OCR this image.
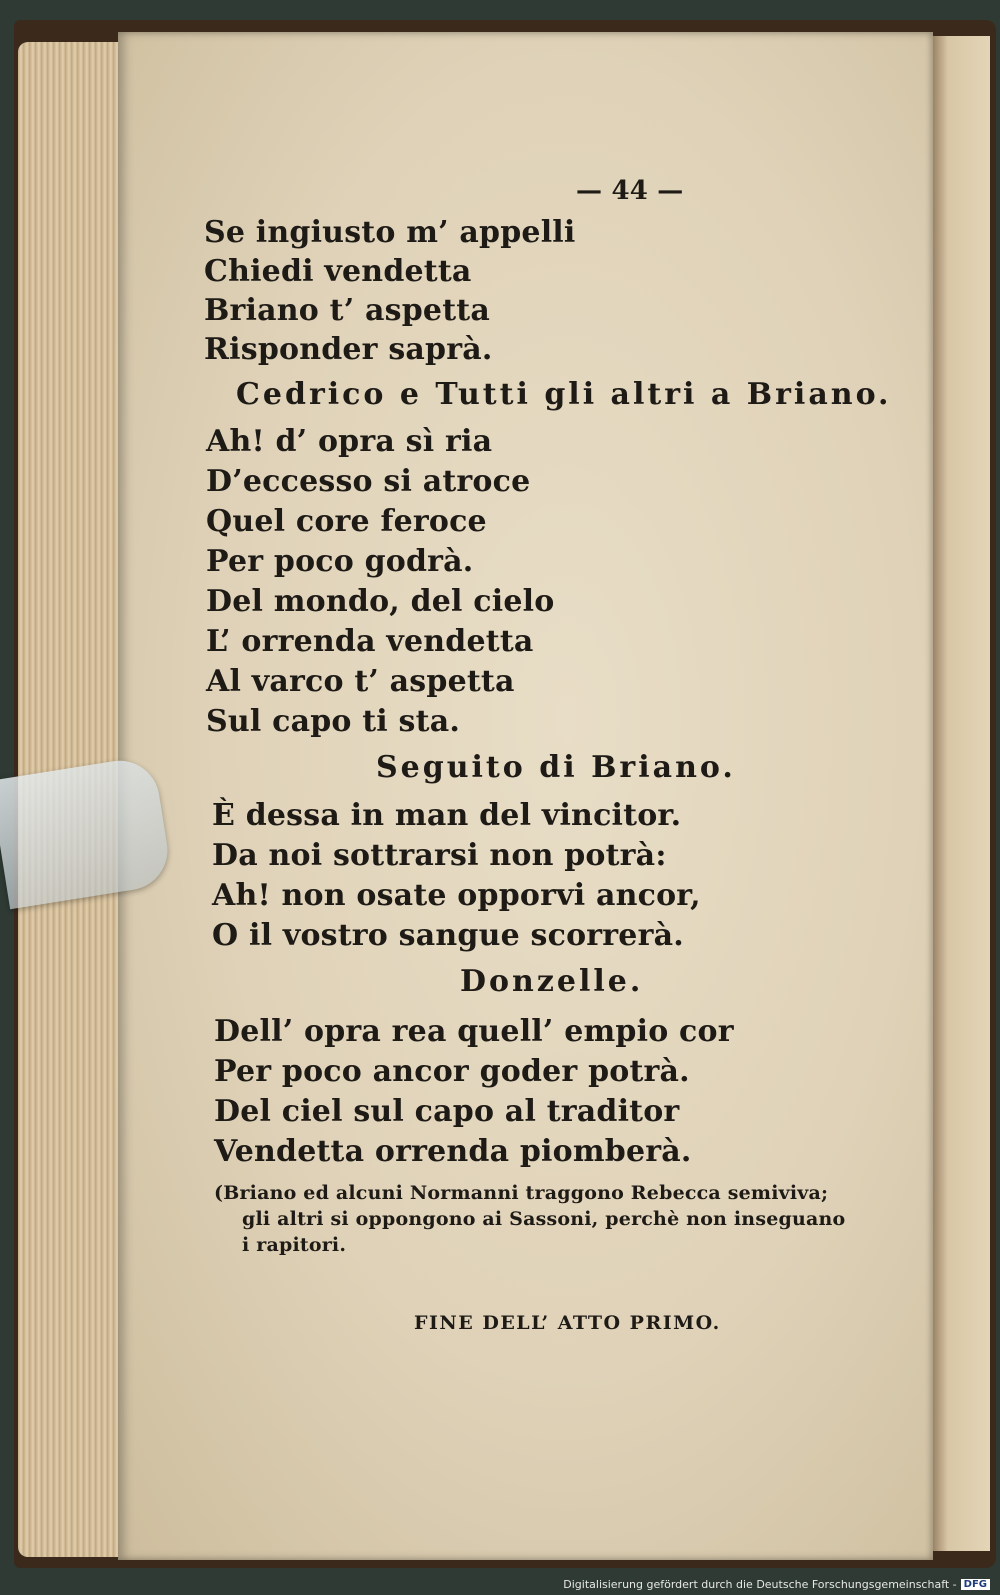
— 44 —
Se ingiusto m’ appelli
Chiedi vendetta
Briano t’ aspetta
Risponder saprà.
Cedrico e Tutti gli altri a Briano.
Ah! d’ opra sì ria
D’eccesso si atroce
Quel core feroce
Per poco godrà.
Del mondo, del cielo
L’ orrenda vendetta
Al varco t’ aspetta
Sul capo ti sta.
Seguito di Briano.
È dessa in man del vincitor.
Da noi sottrarsi non potrà:
Ah! non osate opporvi ancor,
O il vostro sangue scorrerà.
Donzelle.
Dell’ opra rea quell’ empio cor
Per poco ancor goder potrà.
Del ciel sul capo al traditor
Vendetta orrenda piomberà.
(Briano ed alcuni Normanni traggono Rebecca semiviva;
gli altri si oppongono ai Sassoni, perchè non inseguano
i rapitori.
FINE DELL’ ATTO PRIMO.
Digitalisierung gefördert durch die Deutsche Forschungsgemeinschaft - DFG
